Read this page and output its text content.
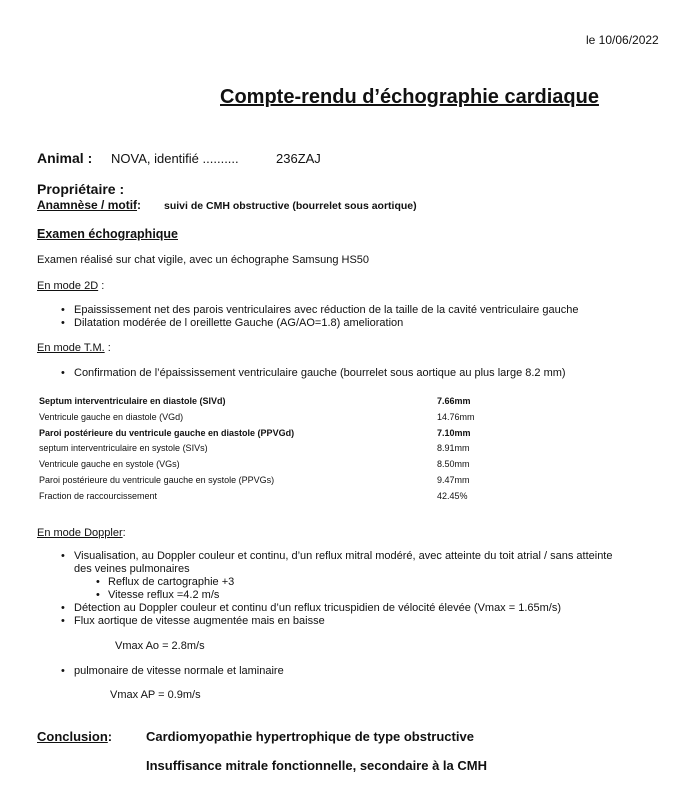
le 10/06/2022
Compte-rendu d’échographie cardiaque
Animal : NOVA, identifié ..........	236ZAJ
Propriétaire :
Anamnèse / motif: suivi de CMH obstructive (bourrelet sous aortique)
Examen échographique
Examen réalisé sur chat vigile, avec un échographe Samsung HS50
En mode 2D :
• Epaississement net des parois ventriculaires avec réduction de la taille de la cavité ventriculaire gauche
• Dilatation modérée de l oreillette Gauche (AG/AO=1.8) amelioration
En mode T.M. :
• Confirmation de l’épaississement ventriculaire gauche (bourrelet sous aortique au plus large 8.2 mm)
Septum interventriculaire en diastole (SIVd)	7.66mm
Ventricule gauche en diastole (VGd)	14.76mm
Paroi postérieure du ventricule gauche en diastole (PPVGd)	7.10mm
septum interventriculaire en systole (SIVs)	8.91mm
Ventricule gauche en systole (VGs)	8.50mm
Paroi postérieure du ventricule gauche en systole (PPVGs)	9.47mm
Fraction de raccourcissement	42.45%
En mode Doppler:
• Visualisation, au Doppler couleur et continu, d’un reflux mitral modéré, avec atteinte du toit atrial / sans atteinte
des veines pulmonaires
• Reflux de cartographie +3
• Vitesse reflux =4.2 m/s
• Détection au Doppler couleur et continu d’un reflux tricuspidien de vélocité élevée (Vmax = 1.65m/s)
• Flux aortique de vitesse augmentée mais en baisse
Vmax Ao = 2.8m/s
• pulmonaire de vitesse normale et laminaire
Vmax AP = 0.9m/s
Conclusion:	Cardiomyopathie hypertrophique de type obstructive
Insuffisance mitrale fonctionnelle, secondaire à la CMH
